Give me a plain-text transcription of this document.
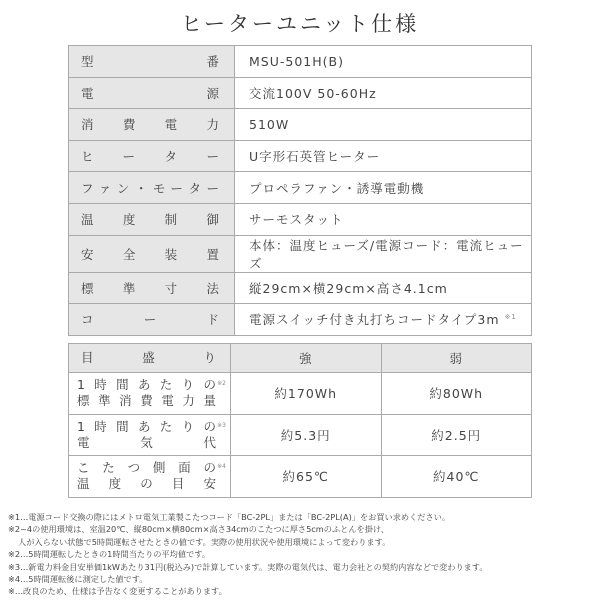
ヒーターユニット仕様
型番	MSU-501H(B)
電源	交流100V 50-60Hz
消費電力	510W
ヒーター	U字形石英管ヒーター
ファン・モーター	プロペラファン・誘導電動機
温度制御	サーモスタット
安全装置	本体：温度ヒューズ/電源コード：電流ヒューズ
標準寸法	縦29cm×横29cm×高さ4.1cm
コード	電源スイッチ付き丸打ちコードタイプ3m $^{※1}$
目盛り	強	弱

1時間あたりの
標準消費電力量
※2	約170Wh	約80Wh

1時間あたりの
電気代
※3	約5.3円	約2.5円

こたつ側面の
温度の目安
※4	約65℃	約40℃
※1…電源コード交換の際にはメトロ電気工業製こたつコード「BC-2PL」または「BC-2PL(A)」をお買い求めください。
※2~4の使用環境は、室温20℃、縦80cm×横80cm×高さ34cmのこたつに厚さ5cmのふとんを掛け、
人が入らない状態で5時間運転させたときの値です。実際の使用状況や使用環境によって変わります。
※2…5時間運転したときの1時間当たりの平均値です。
※3…新電力料金目安単価1kWあたり31円(税込み)で計算しています。実際の電気代は、電力会社との契約内容などで変わります。
※4…5時間運転後に測定した値です。
※…改良のため、仕様は予告なく変更することがあります。
